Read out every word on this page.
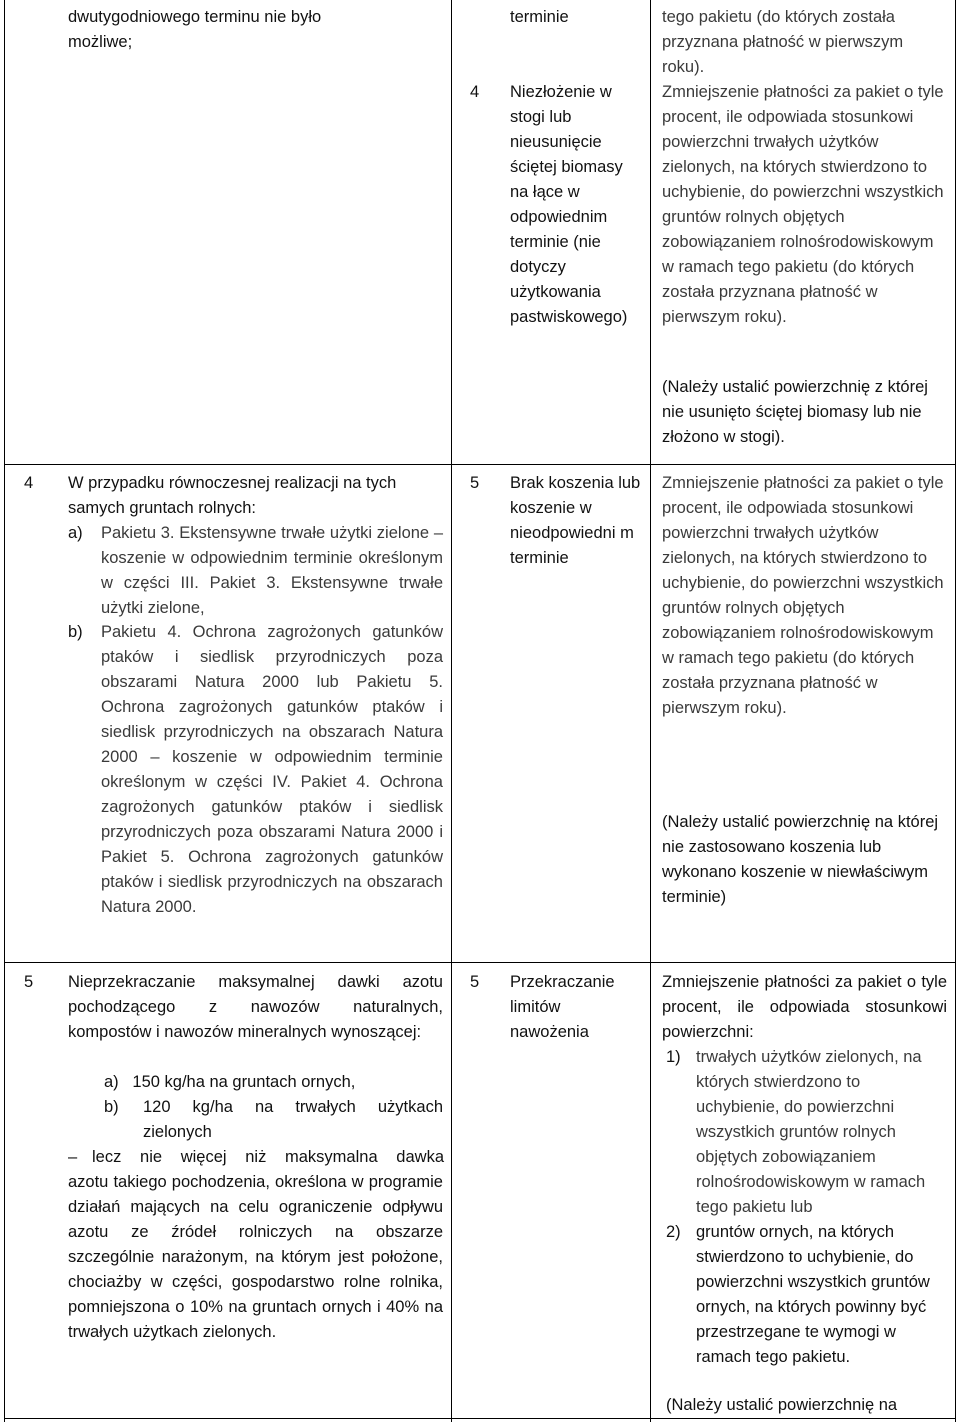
dwutygodniowego terminu nie było możliwe;
terminie	tego pakietu (do których została przyznana płatność w pierwszym roku).
4 Niezłożenie w stogi lub nieusunięcie ściętej biomasy na łące w odpowiednim terminie (nie dotyczy użytkowania pastwiskowego)
Zmniejszenie płatności za pakiet o tyle procent, ile odpowiada stosunkowi powierzchni trwałych użytków zielonych, na których stwierdzono to uchybienie, do powierzchni wszystkich gruntów rolnych objętych zobowiązaniem rolnośrodowiskowym w ramach tego pakietu (do których została przyznana płatność w pierwszym roku).
(Należy ustalić powierzchnię z której nie usunięto ściętej biomasy lub nie złożono w stogi).
4 W przypadku równoczesnej realizacji na tych samych gruntach rolnych:
a) Pakietu 3. Ekstensywne trwałe użytki zielone – koszenie w odpowiednim terminie określonym w części III. Pakiet 3. Ekstensywne trwałe użytki zielone,
b) Pakietu 4. Ochrona zagrożonych gatunków ptaków i siedlisk przyrodniczych poza obszarami Natura 2000 lub Pakietu 5. Ochrona zagrożonych gatunków ptaków i siedlisk przyrodniczych na obszarach Natura 2000 – koszenie w odpowiednim terminie określonym w części IV. Pakiet 4. Ochrona zagrożonych gatunków ptaków i siedlisk przyrodniczych poza obszarami Natura 2000 i Pakiet 5. Ochrona zagrożonych gatunków ptaków i siedlisk przyrodniczych na obszarach Natura 2000.
5 Brak koszenia lub koszenie w nieodpowiedni m terminie
Zmniejszenie płatności za pakiet o tyle procent, ile odpowiada stosunkowi powierzchni trwałych użytków zielonych, na których stwierdzono to uchybienie, do powierzchni wszystkich gruntów rolnych objętych zobowiązaniem rolnośrodowiskowym w ramach tego pakietu (do których została przyznana płatność w pierwszym roku).
(Należy ustalić powierzchnię na której nie zastosowano koszenia lub wykonano koszenie w niewłaściwym terminie)
5 Nieprzekraczanie maksymalnej dawki azotu pochodzącego z nawozów naturalnych, kompostów i nawozów mineralnych wynoszącej:
a)   150 kg/ha na gruntach ornych,
b) 120 kg/ha na trwałych użytkach zielonych
– lecz nie więcej niż maksymalna dawka
azotu takiego pochodzenia, określona w programie działań mających na celu ograniczenie odpływu azotu ze źródeł rolniczych na obszarze szczególnie narażonym, na którym jest położone, chociażby w części, gospodarstwo rolne rolnika, pomniejszona o 10% na gruntach ornych i 40% na trwałych użytkach zielonych.
5 Przekraczanie limitów nawożenia
Zmniejszenie płatności za pakiet o tyle procent, ile odpowiada stosunkowi powierzchni:
1) trwałych użytków zielonych, na których stwierdzono to uchybienie, do powierzchni wszystkich gruntów rolnych objętych zobowiązaniem rolnośrodowiskowym w ramach tego pakietu lub
2) gruntów ornych, na których stwierdzono to uchybienie, do powierzchni wszystkich gruntów ornych, na których powinny być przestrzegane te wymogi w ramach tego pakietu.
(Należy ustalić powierzchnię na
